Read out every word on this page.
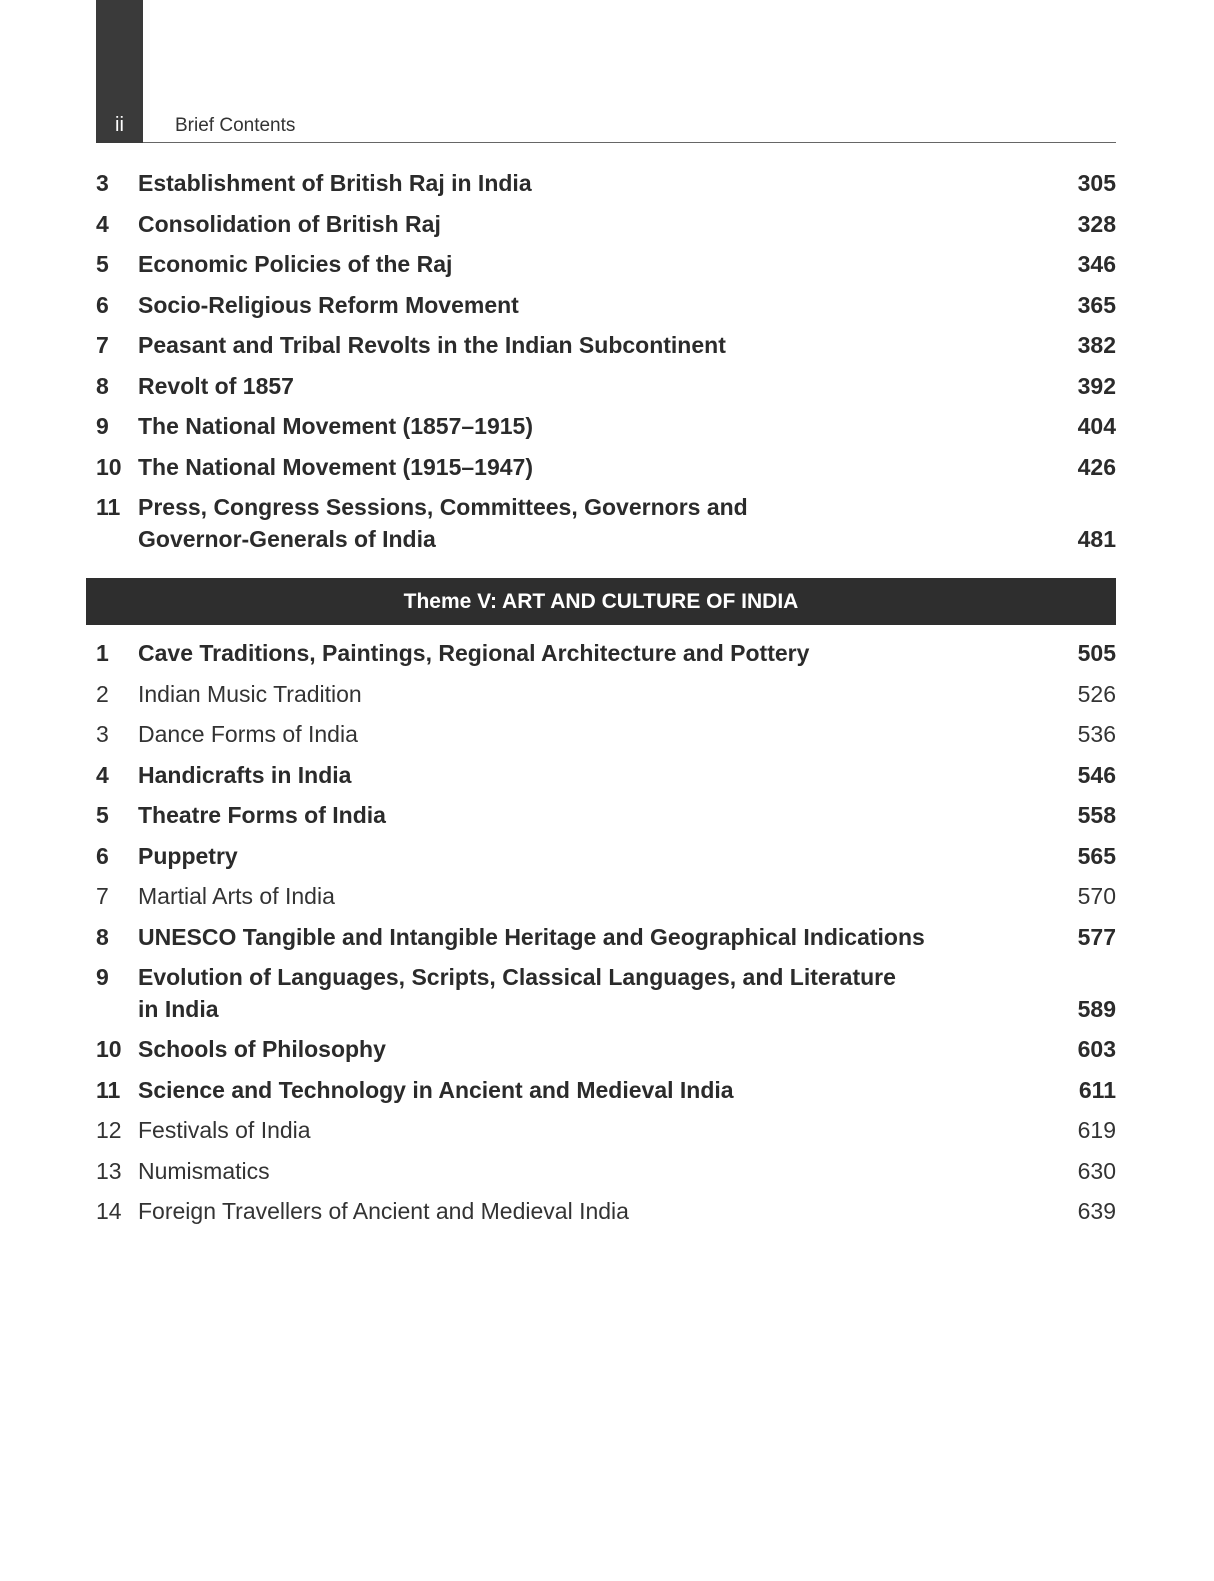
ii	Brief Contents
3	Establishment of British Raj in India	305
4	Consolidation of British Raj	328
5	Economic Policies of the Raj	346
6	Socio-Religious Reform Movement	365
7	Peasant and Tribal Revolts in the Indian Subcontinent	382
8	Revolt of 1857	392
9	The National Movement (1857–1915)	404
10 The National Movement (1915–1947)	426
11 Press, Congress Sessions, Committees, Governors and
Governor-Generals of India	481
Theme V: ART AND CULTURE OF INDIA
1	Cave Traditions, Paintings, Regional Architecture and Pottery	505
2	Indian Music Tradition	526
3	Dance Forms of India	536
4	Handicrafts in India	546
5	Theatre Forms of India	558
6	Puppetry	565
7	Martial Arts of India	570
8	UNESCO Tangible and Intangible Heritage and Geographical Indications	577
9	Evolution of Languages, Scripts, Classical Languages, and Literature
in India	589
10 Schools of Philosophy	603
11 Science and Technology in Ancient and Medieval India	611
12 Festivals of India	619
13 Numismatics	630
14 Foreign Travellers of Ancient and Medieval India	639
